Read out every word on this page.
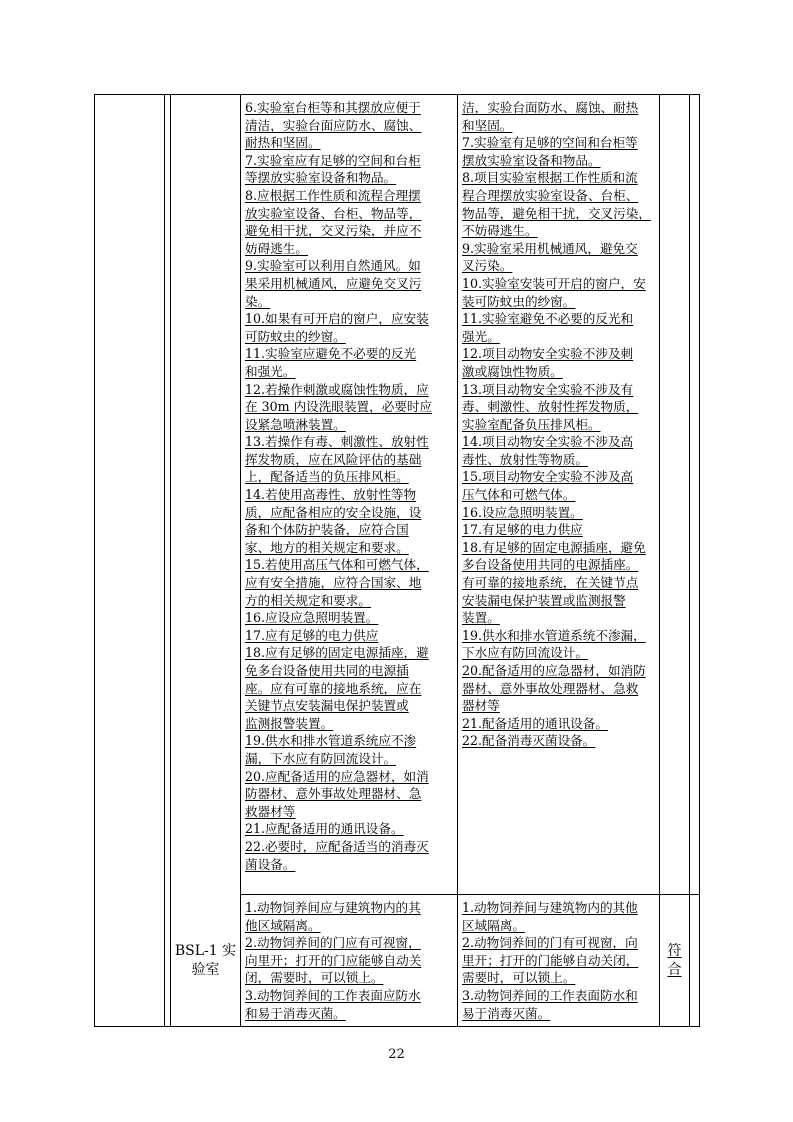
6.实验室台柜等和其摆放应便于
清洁，实验台面应防水、腐蚀、
耐热和坚固。
7.实验室应有足够的空间和台柜
等摆放实验室设备和物品。
8.应根据工作性质和流程合理摆
放实验室设备、台柜、物品等，
避免相干扰，交叉污染，并应不
妨碍逃生。
9.实验室可以利用自然通风。如
果采用机械通风，应避免交叉污
染。
10.如果有可开启的窗户，应安装
可防蚊虫的纱窗。
11.实验室应避免不必要的反光
和强光。
12.若操作刺激或腐蚀性物质，应
在 30m 内设洗眼装置，必要时应
设紧急喷淋装置。
13.若操作有毒、刺激性、放射性
挥发物质，应在风险评估的基础
上，配备适当的负压排风柜。
14.若使用高毒性、放射性等物
质，应配备相应的安全设施，设
备和个体防护装备，应符合国
家、地方的相关规定和要求。
15.若使用高压气体和可燃气体，
应有安全措施，应符合国家、地
方的相关规定和要求。
16.应设应急照明装置。
17.应有足够的电力供应
18.应有足够的固定电源插座，避
免多台设备使用共同的电源插
座。应有可靠的接地系统，应在
关键节点安装漏电保护装置或
监测报警装置。
19.供水和排水管道系统应不渗
漏，下水应有防回流设计。
20.应配备适用的应急器材，如消
防器材、意外事故处理器材、急
救器材等
21.应配备适用的通讯设备。
22.必要时，应配备适当的消毒灭
菌设备。
洁，实验台面防水、腐蚀、耐热
和坚固。
7.实验室有足够的空间和台柜等
摆放实验室设备和物品。
8.项目实验室根据工作性质和流
程合理摆放实验室设备、台柜、
物品等，避免相干扰，交叉污染，
不妨碍逃生。
9.实验室采用机械通风，避免交
叉污染。
10.实验室安装可开启的窗户，安
装可防蚊虫的纱窗。
11.实验室避免不必要的反光和
强光。
12.项目动物安全实验不涉及刺
激或腐蚀性物质。
13.项目动物安全实验不涉及有
毒、刺激性、放射性挥发物质，
实验室配备负压排风柜。
14.项目动物安全实验不涉及高
毒性、放射性等物质。
15.项目动物安全实验不涉及高
压气体和可燃气体。
16.设应急照明装置。
17.有足够的电力供应
18.有足够的固定电源插座，避免
多台设备使用共同的电源插座。
有可靠的接地系统，在关键节点
安装漏电保护装置或监测报警
装置。
19.供水和排水管道系统不渗漏，
下水应有防回流设计。
20.配备适用的应急器材，如消防
器材、意外事故处理器材、急救
器材等
21.配备适用的通讯设备。
22.配备消毒灭菌设备。
BSL-1 实验室
1.动物饲养间应与建筑物内的其
他区域隔离。
2.动物饲养间的门应有可视窗，
向里开；打开的门应能够自动关
闭，需要时，可以锁上。
3.动物饲养间的工作表面应防水
和易于消毒灭菌。
1.动物饲养间与建筑物内的其他
区域隔离。
2.动物饲养间的门有可视窗，向
里开；打开的门能够自动关闭，
需要时，可以锁上。
3.动物饲养间的工作表面防水和
易于消毒灭菌。
符合
22
